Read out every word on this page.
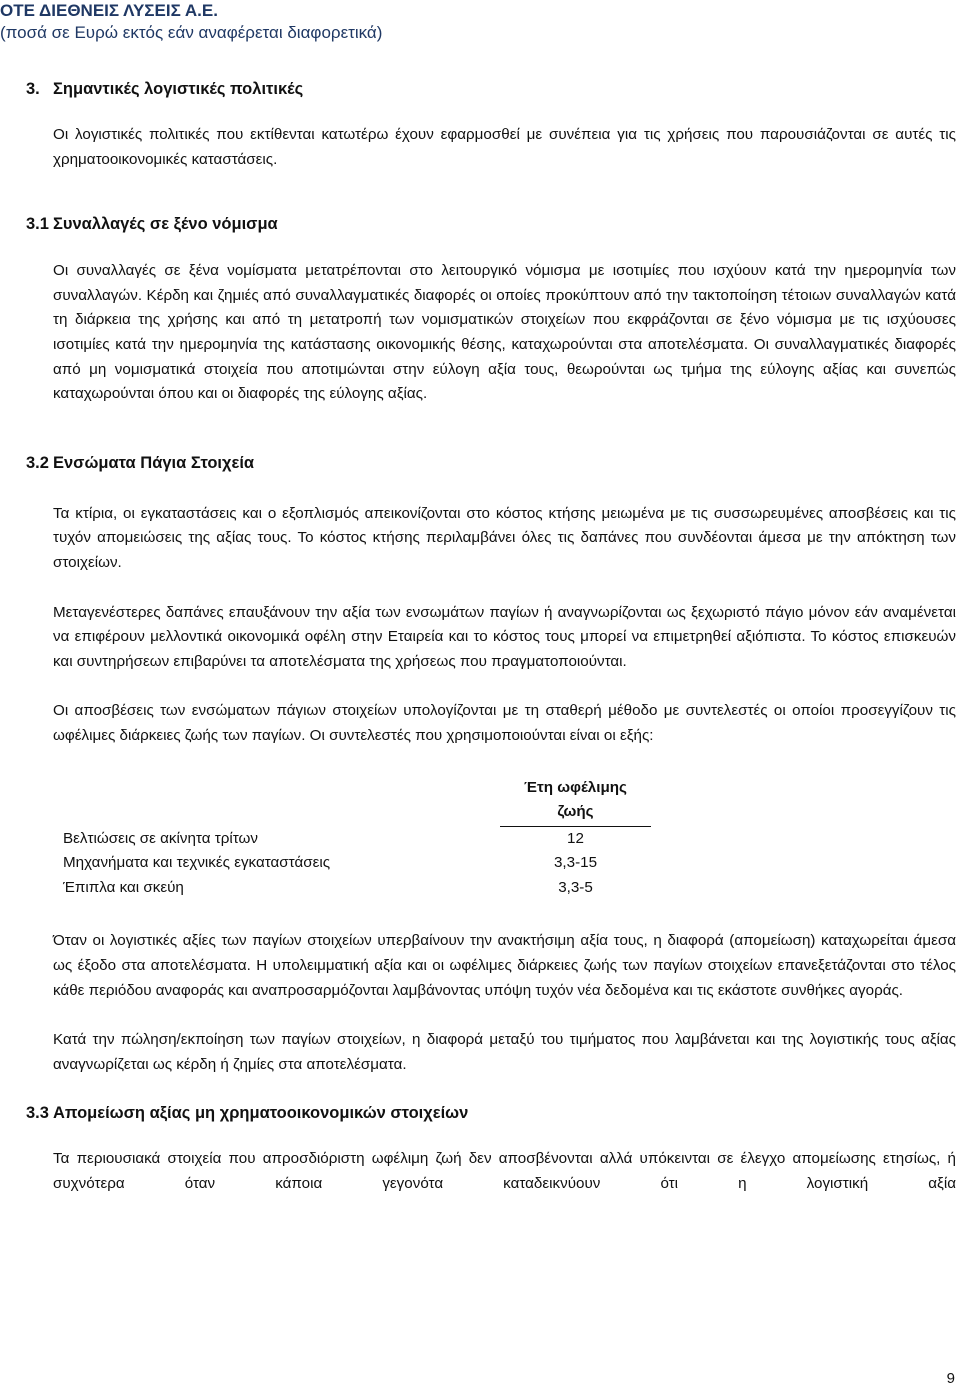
ΟΤΕ ΔΙΕΘΝΕΙΣ ΛΥΣΕΙΣ Α.Ε.
(ποσά σε Ευρώ εκτός εάν αναφέρεται διαφορετικά)
3. Σημαντικές λογιστικές πολιτικές

Οι λογιστικές πολιτικές που εκτίθενται κατωτέρω έχουν εφαρμοσθεί με συνέπεια για τις χρήσεις που παρουσιάζονται σε αυτές τις χρηματοοικονομικές καταστάσεις.

3.1 Συναλλαγές σε ξένο νόμισμα

Οι συναλλαγές σε ξένα νομίσματα μετατρέπονται στο λειτουργικό νόμισμα με ισοτιμίες που ισχύουν κατά την ημερομηνία των συναλλαγών. Κέρδη και ζημιές από συναλλαγματικές διαφορές οι οποίες προκύπτουν από την τακτοποίηση τέτοιων συναλλαγών κατά τη διάρκεια της χρήσης και από τη μετατροπή των νομισματικών στοιχείων που εκφράζονται σε ξένο νόμισμα με τις ισχύουσες ισοτιμίες κατά την ημερομηνία της κατάστασης οικονομικής θέσης, καταχωρούνται στα αποτελέσματα. Οι συναλλαγματικές διαφορές από μη νομισματικά στοιχεία που αποτιμώνται στην εύλογη αξία τους, θεωρούνται ως τμήμα της εύλογης αξίας και συνεπώς καταχωρούνται όπου και οι διαφορές της εύλογης αξίας.

3.2 Ενσώματα Πάγια Στοιχεία

Τα κτίρια, οι εγκαταστάσεις και ο εξοπλισμός απεικονίζονται στο κόστος κτήσης μειωμένα με τις συσσωρευμένες αποσβέσεις και τις τυχόν απομειώσεις της αξίας τους. Το κόστος κτήσης περιλαμβάνει όλες τις δαπάνες που συνδέονται άμεσα με την απόκτηση των στοιχείων.

Μεταγενέστερες δαπάνες επαυξάνουν την αξία των ενσωμάτων παγίων ή αναγνωρίζονται ως ξεχωριστό πάγιο μόνον εάν αναμένεται να επιφέρουν μελλοντικά οικονομικά οφέλη στην Εταιρεία και το κόστος τους μπορεί να επιμετρηθεί αξιόπιστα. Το κόστος επισκευών και συντηρήσεων επιβαρύνει τα αποτελέσματα της χρήσεως που πραγματοποιούνται.

Οι αποσβέσεις των ενσώματων πάγιων στοιχείων υπολογίζονται με τη σταθερή μέθοδο με συντελεστές οι οποίοι προσεγγίζουν τις ωφέλιμες διάρκειες ζωής των παγίων. Οι συντελεστές που χρησιμοποιούνται είναι οι εξής:

	Έτη ωφέλιμης
ζωής
Βελτιώσεις σε ακίνητα τρίτων	12
Μηχανήματα και τεχνικές εγκαταστάσεις	3,3-15
Έπιπλα και σκεύη	3,3-5

Όταν οι λογιστικές αξίες των παγίων στοιχείων υπερβαίνουν την ανακτήσιμη αξία τους, η διαφορά (απομείωση) καταχωρείται άμεσα ως έξοδο στα αποτελέσματα. Η υπολειμματική αξία και οι ωφέλιμες διάρκειες ζωής των παγίων στοιχείων επανεξετάζονται στο τέλος κάθε περιόδου αναφοράς και αναπροσαρμόζονται λαμβάνοντας υπόψη τυχόν νέα δεδομένα και τις εκάστοτε συνθήκες αγοράς.

Κατά την πώληση/εκποίηση των παγίων στοιχείων, η διαφορά μεταξύ του τιμήματος που λαμβάνεται και της λογιστικής τους αξίας αναγνωρίζεται ως κέρδη ή ζημίες στα αποτελέσματα.

3.3 Απομείωση αξίας μη χρηματοοικονομικών στοιχείων

Τα περιουσιακά στοιχεία που απροσδιόριστη ωφέλιμη ζωή δεν αποσβένονται αλλά υπόκεινται σε έλεγχο απομείωσης ετησίως, ή συχνότερα όταν κάποια γεγονότα καταδεικνύουν ότι η λογιστική αξία

9
